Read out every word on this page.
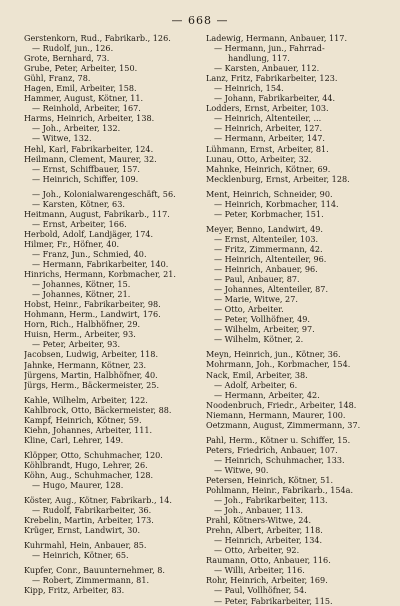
— 668 —
Gerstenkorn, Rud., Fabrikarb., 126.
— Rudolf, jun., 126.
Grote, Bernhard, 73.
Grube, Peter, Arbeiter, 150.
Gühl, Franz, 78.
Hagen, Emil, Arbeiter, 158.
Hammer, August, Kötner, 11.
— Reinhold, Arbeiter, 167.
Harms, Heinrich, Arbeiter, 138.
— Joh., Arbeiter, 132.
— Witwe, 132.
Hehl, Karl, Fabrikarbeiter, 124.
Heilmann, Clement, Maurer, 32.
— Ernst, Schiffbauer, 157.
— Heinrich, Schiffer, 109.
— Joh., Kolonialwarengeschäft, 56.
— Karsten, Kötner, 63.
Heitmann, August, Fabrikarb., 117.
— Ernst, Arbeiter, 166.
Herbold, Adolf, Landjäger, 174.
Hilmer, Fr., Höfner, 40.
— Franz, Jun., Schmied, 40.
— Hermann, Fabrikarbeiter, 140.
Hinrichs, Hermann, Korbmacher, 21.
— Johannes, Kötner, 15.
— Johannes, Kötner, 21.
Hobst, Heinr., Fabrikarbeiter, 98.
Hohmann, Herm., Landwirt, 176.
Horn, Rich., Halbhöfner, 29.
Huisn, Herm., Arbeiter, 93.
— Peter, Arbeiter, 93.
Jacobsen, Ludwig, Arbeiter, 118.
Jahnke, Hermann, Kötner, 23.
Jürgens, Martin, Halbhöfner, 40.
Jürgs, Herm., Bäckermeister, 25.
Kahle, Wilhelm, Arbeiter, 122.
Kahlbrock, Otto, Bäckermeister, 88.
Kampf, Heinrich, Kötner, 59.
Kiehn, Johannes, Arbeiter, 111.
Kline, Carl, Lehrer, 149.
Klöpper, Otto, Schuhmacher, 120.
Köhlbrandt, Hugo, Lehrer, 26.
Köhn, Aug., Schuhmacher, 128.
— Hugo, Maurer, 128.
Köster, Aug., Kötner, Fabrikarb., 14.
— Rudolf, Fabrikarbeiter, 36.
Krebelin, Martin, Arbeiter, 173.
Krüger, Ernst, Landwirt, 30.
Kuhrmahl, Hein, Anbauer, 85.
— Heinrich, Kötner, 65.
Kupfer, Conr., Bauunternehmer, 8.
— Robert, Zimmermann, 81.
Kipp, Fritz, Arbeiter, 83.
Ladewig, Hermann, Anbauer, 117.
— Hermann, jun., Fahrrad-
handlung, 117.
— Karsten, Anbauer, 112.
Lanz, Fritz, Fabrikarbeiter, 123.
— Heinrich, 154.
— Johann, Fabrikarbeiter, 44.
Lodders, Ernst, Arbeiter, 103.
— Heinrich, Altenteiler, ...
— Heinrich, Arbeiter, 127.
— Hermann, Arbeiter, 147.
Lühmann, Ernst, Arbeiter, 81.
Lunau, Otto, Arbeiter, 32.
Mahnke, Heinrich, Kötner, 69.
Mecklenburg, Ernst, Arbeiter, 128.
Ment, Heinrich, Schneider, 90.
— Heinrich, Korbmacher, 114.
— Peter, Korbmacher, 151.
Meyer, Benno, Landwirt, 49.
— Ernst, Altenteiler, 103.
— Fritz, Zimmermann, 42.
— Heinrich, Altenteiler, 96.
— Heinrich, Anbauer, 96.
— Paul, Anbauer, 87.
— Johannes, Altenteiler, 87.
— Marie, Witwe, 27.
— Otto, Arbeiter.
— Peter, Vollhöfner, 49.
— Wilhelm, Arbeiter, 97.
— Wilhelm, Kötner, 2.
Meyn, Heinrich, jun., Kötner, 36.
Mohrmann, Joh., Korbmacher, 154.
Nack, Emil, Arbeiter, 38.
— Adolf, Arbeiter, 6.
— Hermann, Arbeiter, 42.
Noodenbruch, Friedr., Arbeiter, 148.
Niemann, Hermann, Maurer, 100.
Oetzmann, August, Zimmermann, 37.
Pahl, Herm., Kötner u. Schiffer, 15.
Peters, Friedrich, Anbauer, 107.
— Heinrich, Schuhmacher, 133.
— Witwe, 90.
Petersen, Heinrich, Kötner, 51.
Pohlmann, Heinr., Fabrikarb., 154a.
— Joh., Fabrikarbeiter, 113.
— Joh., Anbauer, 113.
Prahl, Kötners-Witwe, 24.
Prehn, Albert, Arbeiter, 118.
— Heinrich, Arbeiter, 134.
— Otto, Arbeiter, 92.
Raumann, Otto, Anbauer, 116.
— Willi, Arbeiter, 116.
Rohr, Heinrich, Arbeiter, 169.
— Paul, Vollhöfner, 54.
— Peter, Fabrikarbeiter, 115.
